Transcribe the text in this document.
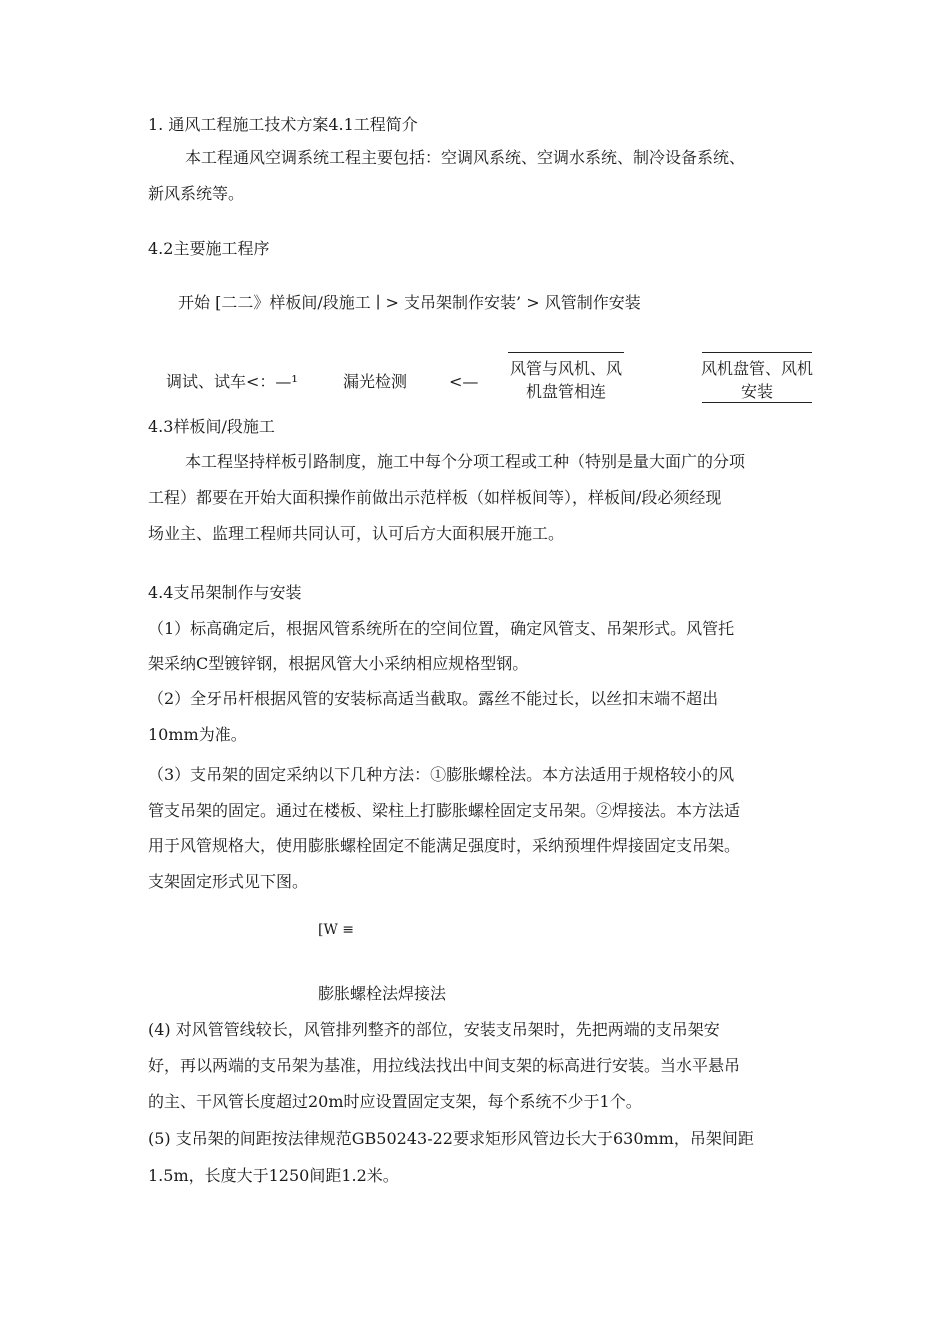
1. 通风工程施工技术方案4.1工程简介
本工程通风空调系统工程主要包括：空调风系统、空调水系统、制冷设备系统、
新风系统等。
4.2主要施工程序
开始 [二二》样板间/段施工 ∣ > 支吊架制作安装’ > 风管制作安装
调试、试车<：—¹	漏光检测	<—
风管与风机、风
机盘管相连
风机盘管、风机
安装
4.3样板间/段施工
本工程坚持样板引路制度，施工中每个分项工程或工种（特别是量大面广的分项
工程）都要在开始大面积操作前做出示范样板（如样板间等），样板间/段必须经现
场业主、监理工程师共同认可，认可后方大面积展开施工。
4.4支吊架制作与安装
（1）标高确定后，根据风管系统所在的空间位置，确定风管支、吊架形式。风管托
架采纳C型镀锌钢，根据风管大小采纳相应规格型钢。
（2）全牙吊杆根据风管的安装标高适当截取。露丝不能过长，以丝扣末端不超出
10mm为准。
（3）支吊架的固定采纳以下几种方法：①膨胀螺栓法。本方法适用于规格较小的风
管支吊架的固定。通过在楼板、梁柱上打膨胀螺栓固定支吊架。②焊接法。本方法适
用于风管规格大，使用膨胀螺栓固定不能满足强度时，采纳预埋件焊接固定支吊架。
支架固定形式见下图。
[W ≡
膨胀螺栓法焊接法
(4) 对风管管线较长，风管排列整齐的部位，安装支吊架时，先把两端的支吊架安
好，再以两端的支吊架为基准，用拉线法找出中间支架的标高进行安装。当水平悬吊
的主、干风管长度超过20m时应设置固定支架，每个系统不少于1个。
(5) 支吊架的间距按法律规范GB50243-22要求矩形风管边长大于630mm，吊架间距
1.5m，长度大于1250间距1.2米。
